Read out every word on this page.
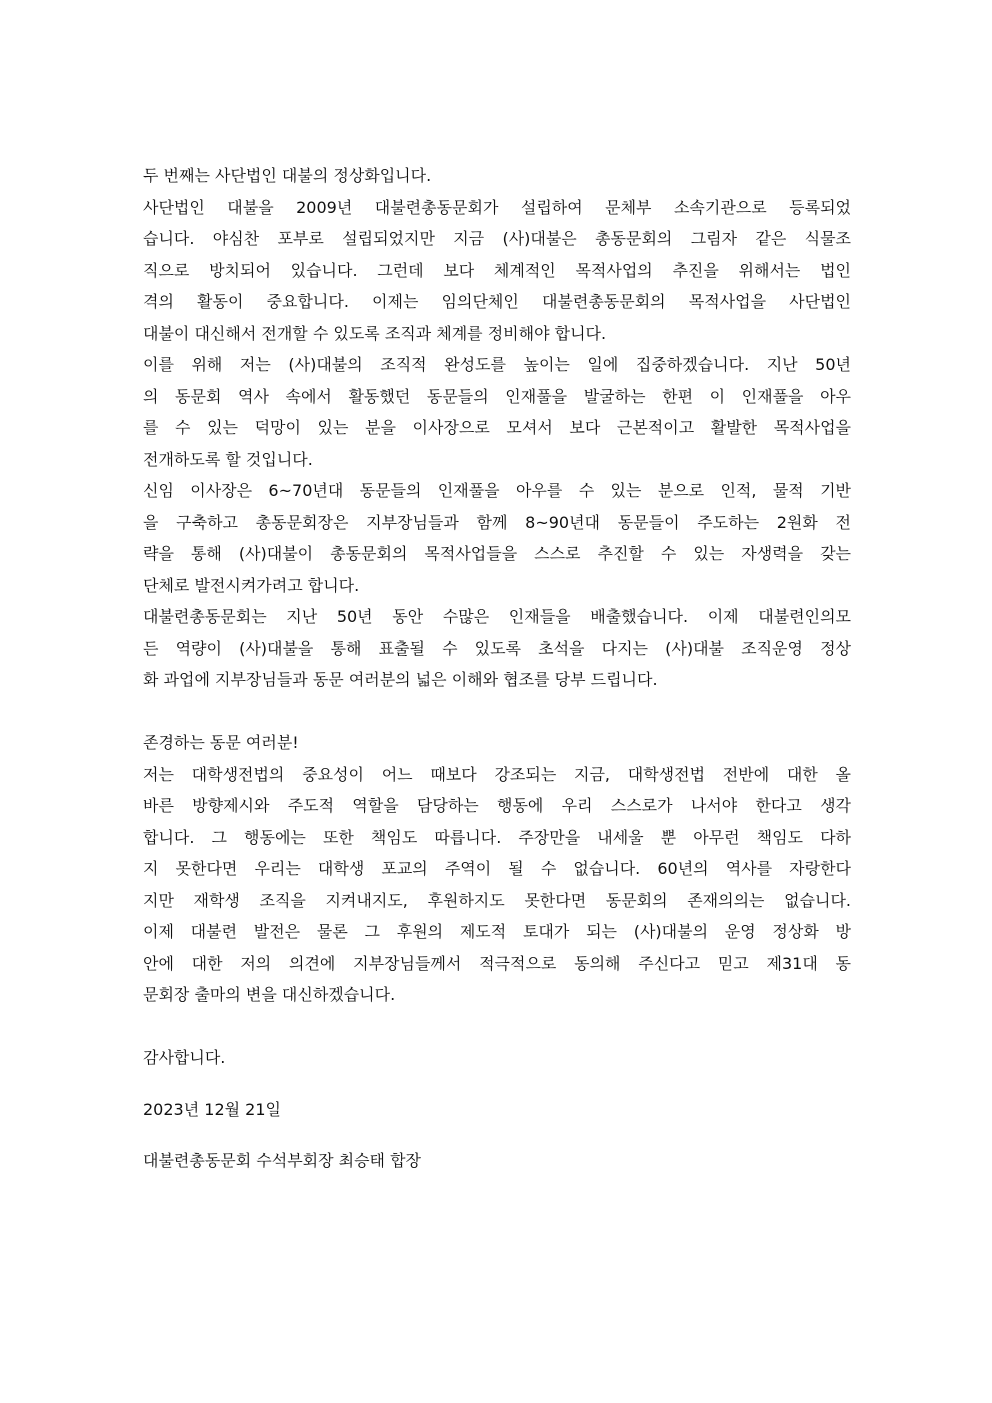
두 번째는 사단법인 대불의 정상화입니다.
사단법인 대불을 2009년 대불련총동문회가 설립하여 문체부 소속기관으로 등록되었
습니다. 야심찬 포부로 설립되었지만 지금 (사)대불은 총동문회의 그림자 같은 식물조
직으로 방치되어 있습니다. 그런데 보다 체계적인 목적사업의 추진을 위해서는 법인
격의 활동이 중요합니다. 이제는 임의단체인 대불련총동문회의 목적사업을 사단법인
대불이 대신해서 전개할 수 있도록 조직과 체계를 정비해야 합니다.
이를 위해 저는 (사)대불의 조직적 완성도를 높이는 일에 집중하겠습니다. 지난 50년
의 동문회 역사 속에서 활동했던 동문들의 인재풀을 발굴하는 한편 이 인재풀을 아우
를 수 있는 덕망이 있는 분을 이사장으로 모셔서 보다 근본적이고 활발한 목적사업을
전개하도록 할 것입니다.
신임 이사장은 6~70년대 동문들의 인재풀을 아우를 수 있는 분으로 인적, 물적 기반
을 구축하고 총동문회장은 지부장님들과 함께 8~90년대 동문들이 주도하는 2원화 전
략을 통해 (사)대불이 총동문회의 목적사업들을 스스로 추진할 수 있는 자생력을 갖는
단체로 발전시켜가려고 합니다.
대불련총동문회는 지난 50년 동안 수많은 인재들을 배출했습니다. 이제 대불련인의모
든 역량이 (사)대불을 통해 표출될 수 있도록 초석을 다지는 (사)대불 조직운영 정상
화 과업에 지부장님들과 동문 여러분의 넓은 이해와 협조를 당부 드립니다.
존경하는 동문 여러분!
저는 대학생전법의 중요성이 어느 때보다 강조되는 지금, 대학생전법 전반에 대한 올
바른 방향제시와 주도적 역할을 담당하는 행동에 우리 스스로가 나서야 한다고 생각
합니다. 그 행동에는 또한 책임도 따릅니다. 주장만을 내세울 뿐 아무런 책임도 다하
지 못한다면 우리는 대학생 포교의 주역이 될 수 없습니다. 60년의 역사를 자랑한다
지만 재학생 조직을 지켜내지도, 후원하지도 못한다면 동문회의 존재의의는 없습니다.
이제 대불련 발전은 물론 그 후원의 제도적 토대가 되는 (사)대불의 운영 정상화 방
안에 대한 저의 의견에 지부장님들께서 적극적으로 동의해 주신다고 믿고 제31대 동
문회장 출마의 변을 대신하겠습니다.
감사합니다.
2023년 12월 21일
대불련총동문회 수석부회장 최승태 합장
